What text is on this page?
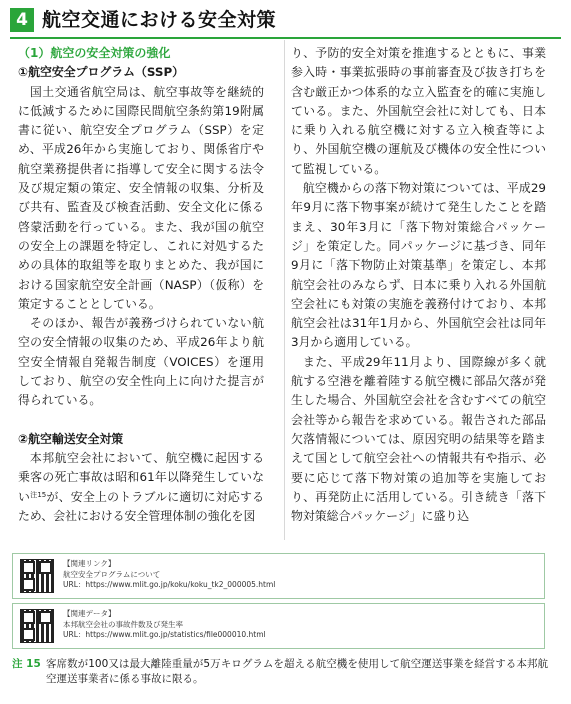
4 航空交通における安全対策

（1）航空の安全対策の強化

①航空安全プログラム（SSP）

国土交通省航空局は、航空事故等を継続的に低減するために国際民間航空条約第19附属書に従い、航空安全プログラム（SSP）を定め、平成26年から実施しており、関係省庁や航空業務提供者に指導して安全に関する法令及び規定類の策定、安全情報の収集、分析及び共有、監査及び検査活動、安全文化に係る啓蒙活動を行っている。また、我が国の航空の安全上の課題を特定し、これに対処するための具体的取組等を取りまとめた、我が国における国家航空安全計画（NASP）（仮称）を策定することとしている。

そのほか、報告が義務づけられていない航空の安全情報の収集のため、平成26年より航空安全情報自発報告制度（VOICES）を運用しており、航空の安全性向上に向けた提言が得られている。

②航空輸送安全対策

本邦航空会社において、航空機に起因する乗客の死亡事故は昭和61年以降発生していない$^{注15}$が、安全上のトラブルに適切に対応するため、会社における安全管理体制の強化を図

り、予防的安全対策を推進するとともに、事業参入時・事業拡張時の事前審査及び抜き打ちを含む厳正かつ体系的な立入監査を的確に実施している。また、外国航空会社に対しても、日本に乗り入れる航空機に対する立入検査等により、外国航空機の運航及び機体の安全性について監視している。

航空機からの落下物対策については、平成29年9月に落下物事案が続けて発生したことを踏まえ、30年3月に「落下物対策総合パッケージ」を策定した。同パッケージに基づき、同年9月に「落下物防止対策基準」を策定し、本邦航空会社のみならず、日本に乗り入れる外国航空会社にも対策の実施を義務付けており、本邦航空会社は31年1月から、外国航空会社は同年3月から適用している。

また、平成29年11月より、国際線が多く就航する空港を離着陸する航空機に部品欠落が発生した場合、外国航空会社を含むすべての航空会社等から報告を求めている。報告された部品欠落情報については、原因究明の結果等を踏まえて国として航空会社への情報共有や指示、必要に応じて落下物対策の追加等を実施しており、再発防止に活用している。引き続き「落下物対策総合パッケージ」に盛り込

【関連リンク】
航空安全プログラムについて
URL：https://www.mlit.go.jp/koku/koku_tk2_000005.html
【関連データ】
本邦航空会社の事故件数及び発生率
URL：https://www.mlit.go.jp/statistics/file000010.html
注 15 客席数が100又は最大離陸重量が5万キログラムを超える航空機を使用して航空運送事業を経営する本邦航空運送事業者に係る事故に限る。
